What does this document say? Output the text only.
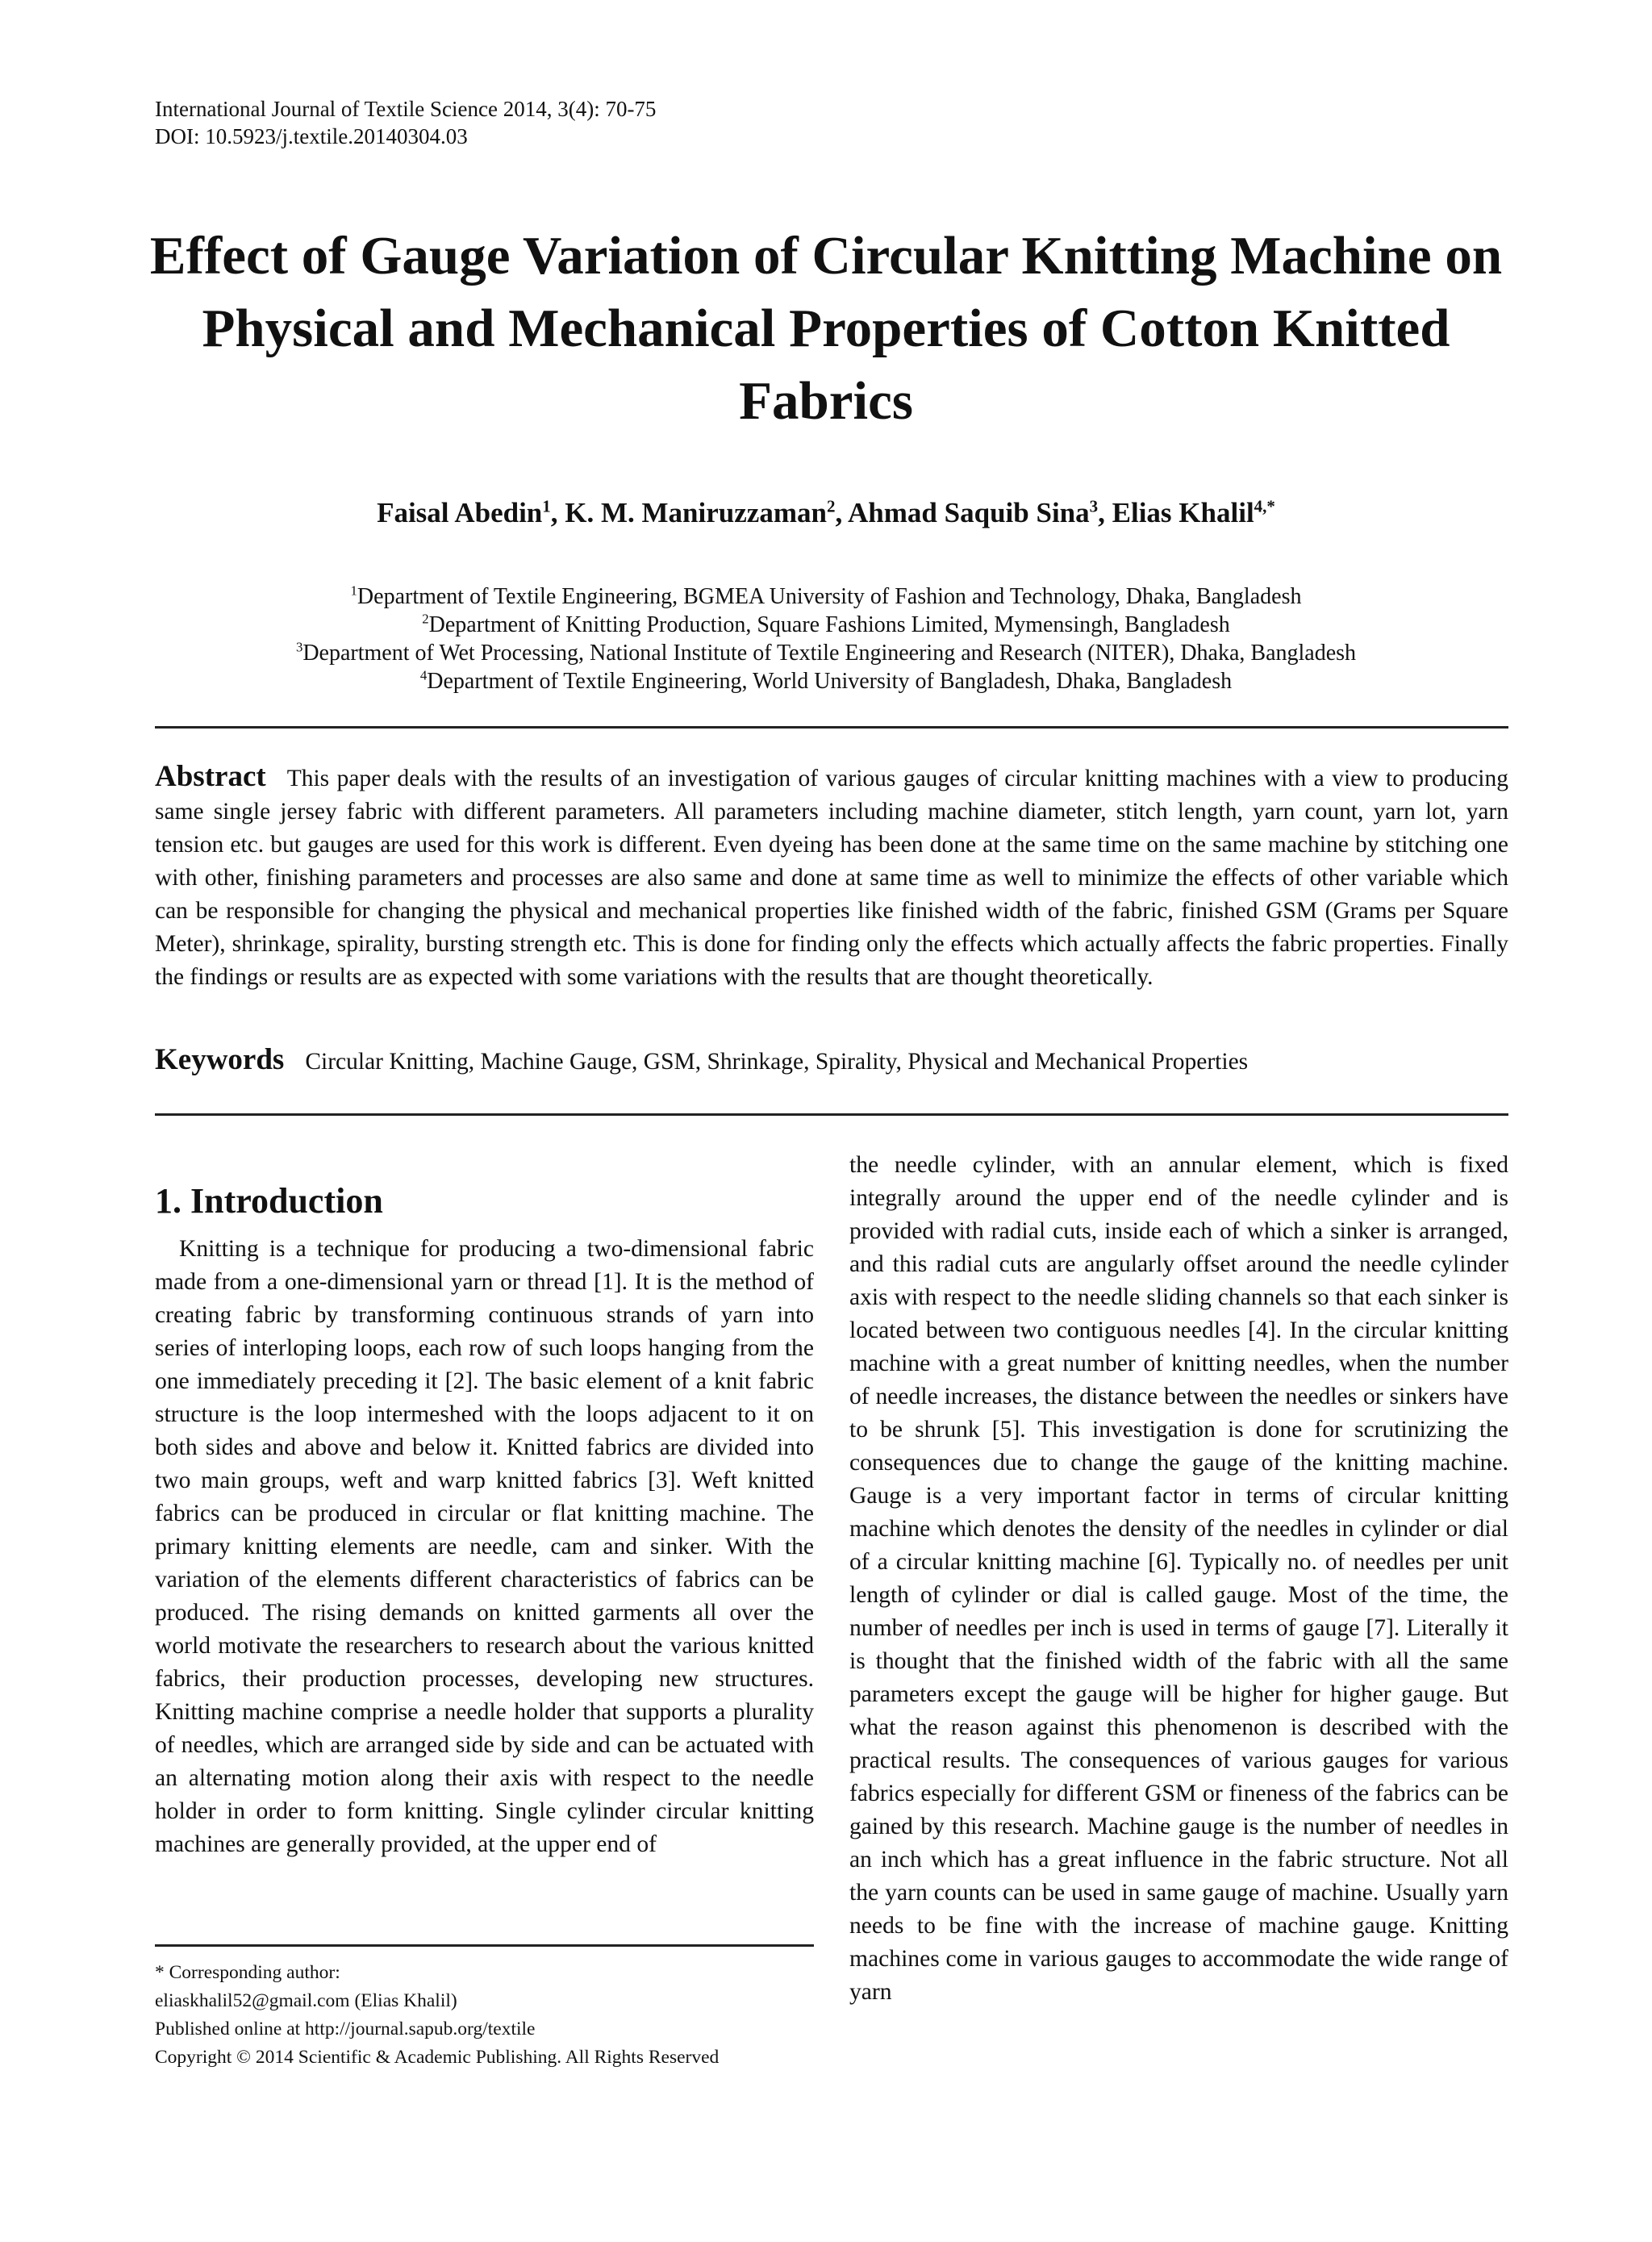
International Journal of Textile Science 2014, 3(4): 70-75
DOI: 10.5923/j.textile.20140304.03
Effect of Gauge Variation of Circular Knitting Machine on Physical and Mechanical Properties of Cotton Knitted Fabrics
Faisal Abedin$^1$, K. M. Maniruzzaman$^2$, Ahmad Saquib Sina$^3$, Elias Khalil$^{4,*}$
$^1$Department of Textile Engineering, BGMEA University of Fashion and Technology, Dhaka, Bangladesh
$^2$Department of Knitting Production, Square Fashions Limited, Mymensingh, Bangladesh
$^3$Department of Wet Processing, National Institute of Textile Engineering and Research (NITER), Dhaka, Bangladesh
$^4$Department of Textile Engineering, World University of Bangladesh, Dhaka, Bangladesh

Abstract This paper deals with the results of an investigation of various gauges of circular knitting machines with a view to producing same single jersey fabric with different parameters. All parameters including machine diameter, stitch length, yarn count, yarn lot, yarn tension etc. but gauges are used for this work is different. Even dyeing has been done at the same time on the same machine by stitching one with other, finishing parameters and processes are also same and done at same time as well to minimize the effects of other variable which can be responsible for changing the physical and mechanical properties like finished width of the fabric, finished GSM (Grams per Square Meter), shrinkage, spirality, bursting strength etc. This is done for finding only the effects which actually affects the fabric properties. Finally the findings or results are as expected with some variations with the results that are thought theoretically.

Keywords Circular Knitting, Machine Gauge, GSM, Shrinkage, Spirality, Physical and Mechanical Properties

1. Introduction

Knitting is a technique for producing a two-dimensional fabric made from a one-dimensional yarn or thread [1]. It is the method of creating fabric by transforming continuous strands of yarn into series of interloping loops, each row of such loops hanging from the one immediately preceding it [2]. The basic element of a knit fabric structure is the loop intermeshed with the loops adjacent to it on both sides and above and below it. Knitted fabrics are divided into two main groups, weft and warp knitted fabrics [3]. Weft knitted fabrics can be produced in circular or flat knitting machine. The primary knitting elements are needle, cam and sinker. With the variation of the elements different characteristics of fabrics can be produced. The rising demands on knitted garments all over the world motivate the researchers to research about the various knitted fabrics, their production processes, developing new structures. Knitting machine comprise a needle holder that supports a plurality of needles, which are arranged side by side and can be actuated with an alternating motion along their axis with respect to the needle holder in order to form knitting. Single cylinder circular knitting machines are generally provided, at the upper end of

the needle cylinder, with an annular element, which is fixed integrally around the upper end of the needle cylinder and is provided with radial cuts, inside each of which a sinker is arranged, and this radial cuts are angularly offset around the needle cylinder axis with respect to the needle sliding channels so that each sinker is located between two contiguous needles [4]. In the circular knitting machine with a great number of knitting needles, when the number of needle increases, the distance between the needles or sinkers have to be shrunk [5]. This investigation is done for scrutinizing the consequences due to change the gauge of the knitting machine. Gauge is a very important factor in terms of circular knitting machine which denotes the density of the needles in cylinder or dial of a circular knitting machine [6]. Typically no. of needles per unit length of cylinder or dial is called gauge. Most of the time, the number of needles per inch is used in terms of gauge [7]. Literally it is thought that the finished width of the fabric with all the same parameters except the gauge will be higher for higher gauge. But what the reason against this phenomenon is described with the practical results. The consequences of various gauges for various fabrics especially for different GSM or fineness of the fabrics can be gained by this research. Machine gauge is the number of needles in an inch which has a great influence in the fabric structure. Not all the yarn counts can be used in same gauge of machine. Usually yarn needs to be fine with the increase of machine gauge. Knitting machines come in various gauges to accommodate the wide range of yarn

* Corresponding author:
eliaskhalil52@gmail.com (Elias Khalil)
Published online at http://journal.sapub.org/textile
Copyright © 2014 Scientific & Academic Publishing. All Rights Reserved
